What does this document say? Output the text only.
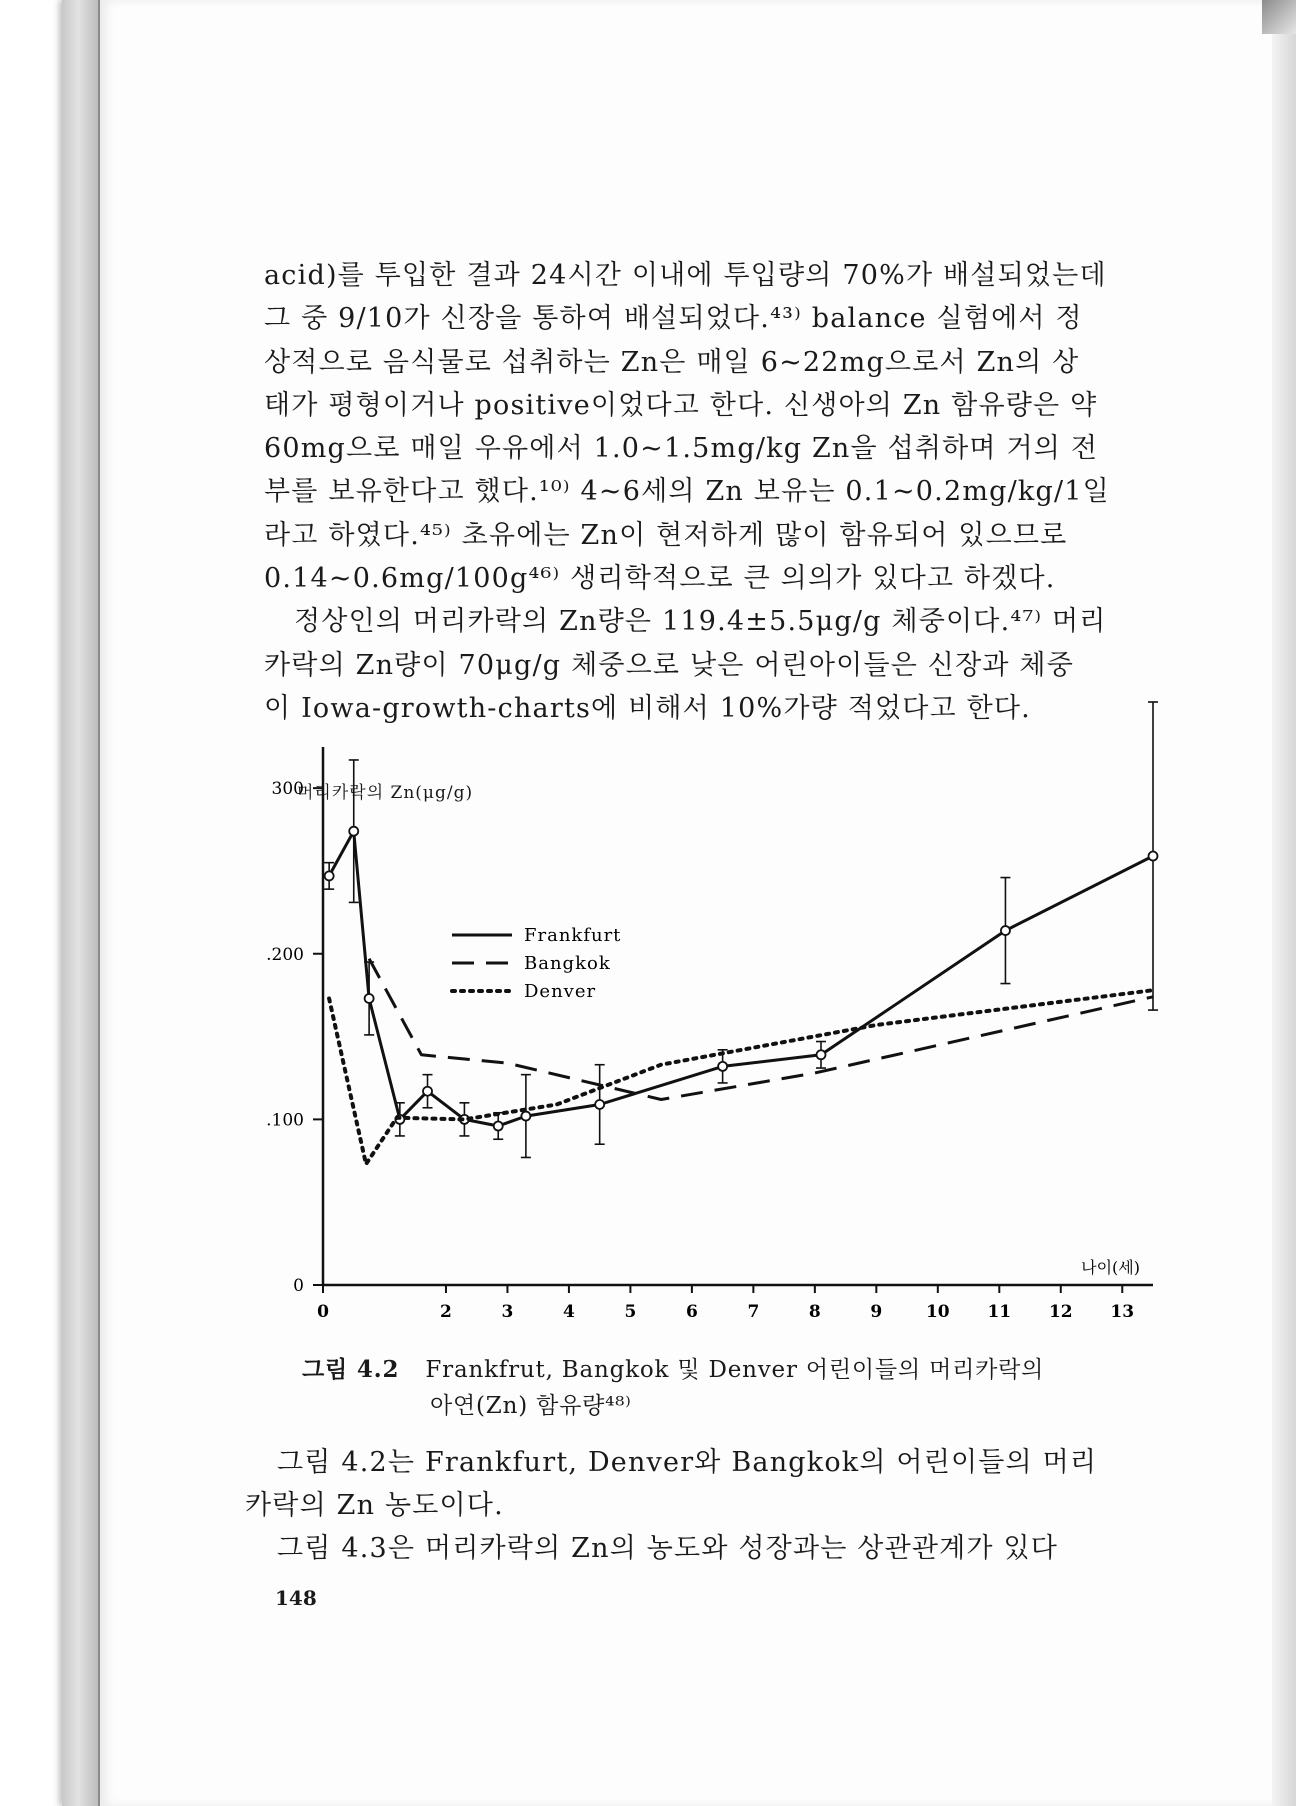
acid)를 투입한 결과 24시간 이내에 투입량의 70%가 배설되었는데
그 중 9/10가 신장을 통하여 배설되었다.⁴³⁾ balance 실험에서 정
상적으로 음식물로 섭취하는 Zn은 매일 6~22mg으로서 Zn의 상
태가 평형이거나 positive이었다고 한다. 신생아의 Zn 함유량은 약
60mg으로 매일 우유에서 1.0~1.5mg/kg Zn을 섭취하며 거의 전
부를 보유한다고 했다.¹⁰⁾ 4~6세의 Zn 보유는 0.1~0.2mg/kg/1일
라고 하였다.⁴⁵⁾ 초유에는 Zn이 현저하게 많이 함유되어 있으므로
0.14~0.6mg/100g⁴⁶⁾ 생리학적으로 큰 의의가 있다고 하겠다.
정상인의 머리카락의 Zn량은 119.4±5.5μg/g 체중이다.⁴⁷⁾ 머리
카락의 Zn량이 70μg/g 체중으로 낮은 어린아이들은 신장과 체중
이 Iowa-growth-charts에 비해서 10%가량 적었다고 한다.

머리카락의 Zn(μg/g)
0	2	3	4	5	6	7	8	9	10 11 12 13
0
.100
.200
300
Frankfurt
Bangkok
Denver
나이(세)
그림 4.2 Frankfrut, Bangkok 및 Denver 어린이들의 머리카락의
아연(Zn) 함유량⁴⁸⁾
그림 4.2는 Frankfurt, Denver와 Bangkok의 어린이들의 머리
카락의 Zn 농도이다.
그림 4.3은 머리카락의 Zn의 농도와 성장과는 상관관계가 있다
148
